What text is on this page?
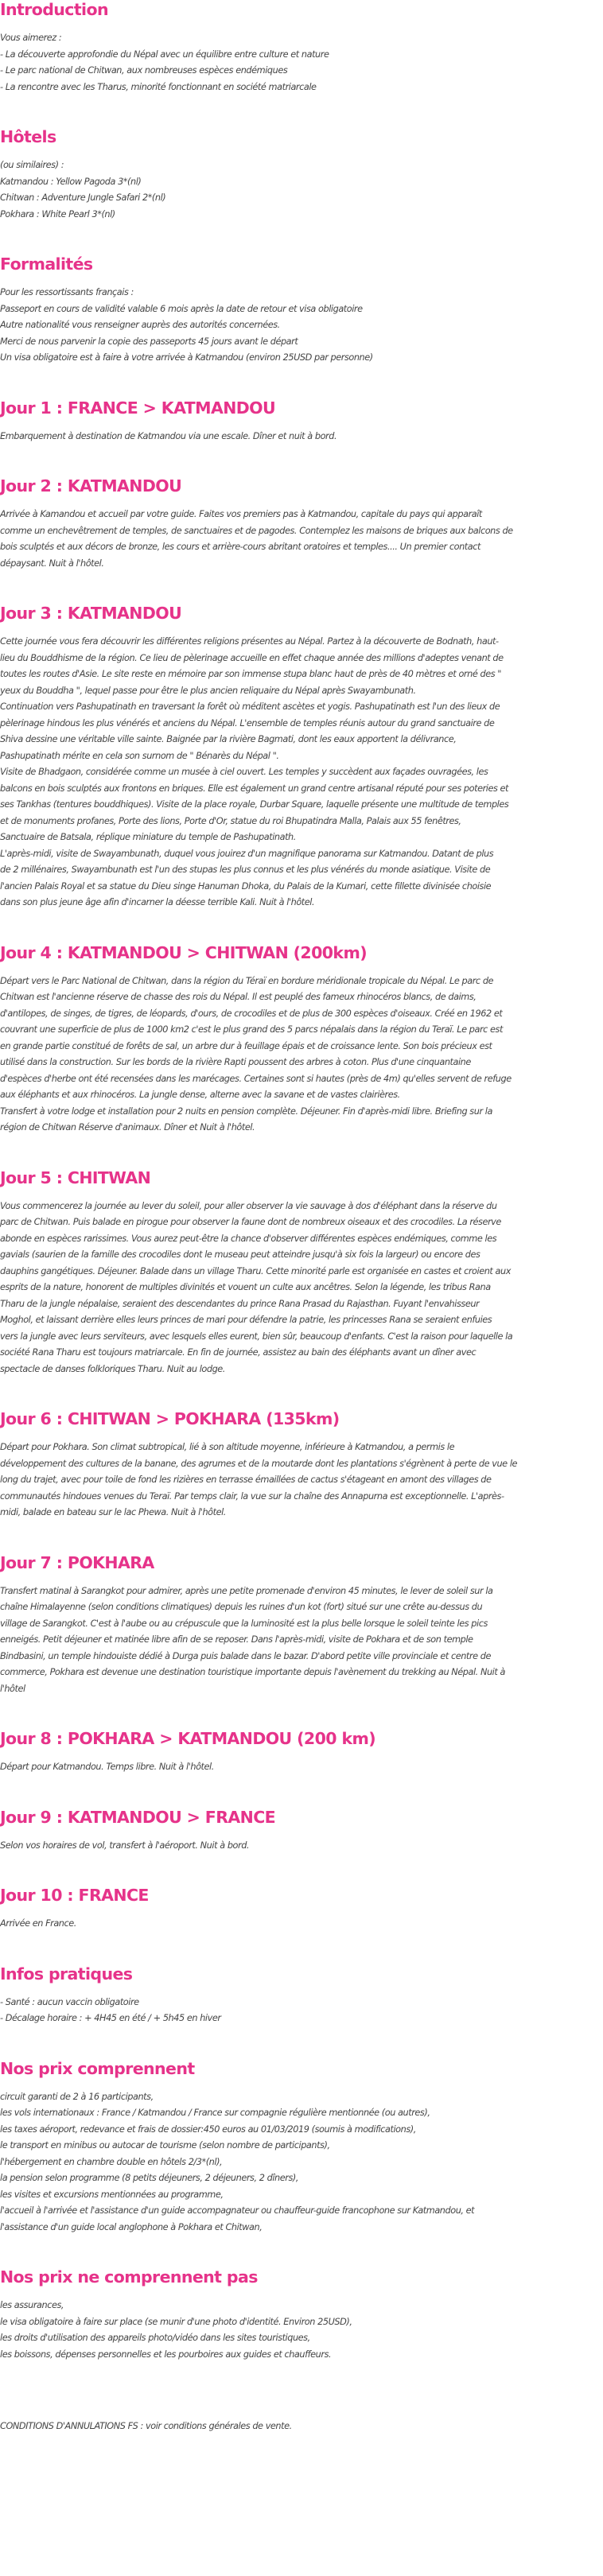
Introduction
Vous aimerez :
- La découverte approfondie du Népal avec un équilibre entre culture et nature
- Le parc national de Chitwan, aux nombreuses espèces endémiques
- La rencontre avec les Tharus, minorité fonctionnant en société matriarcale
Hôtels
(ou similaires) :
Katmandou : Yellow Pagoda 3*(nl)
Chitwan : Adventure Jungle Safari 2*(nl)
Pokhara : White Pearl 3*(nl)
Formalités
Pour les ressortissants français :
Passeport en cours de validité valable 6 mois après la date de retour et visa obligatoire
Autre nationalité vous renseigner auprès des autorités concernées.
Merci de nous parvenir la copie des passeports 45 jours avant le départ
Un visa obligatoire est à faire à votre arrivée à Katmandou (environ 25USD par personne)
Jour 1 : FRANCE > KATMANDOU
Embarquement à destination de Katmandou via une escale. Dîner et nuit à bord.
Jour 2 : KATMANDOU
Arrivée à Kamandou et accueil par votre guide. Faites vos premiers pas à Katmandou, capitale du pays qui apparaît
comme un enchevêtrement de temples, de sanctuaires et de pagodes. Contemplez les maisons de briques aux balcons de
bois sculptés et aux décors de bronze, les cours et arrière-cours abritant oratoires et temples.... Un premier contact
dépaysant. Nuit à l'hôtel.
Jour 3 : KATMANDOU
Cette journée vous fera découvrir les différentes religions présentes au Népal. Partez à la découverte de Bodnath, haut-
lieu du Bouddhisme de la région. Ce lieu de pèlerinage accueille en effet chaque année des millions d'adeptes venant de
toutes les routes d'Asie. Le site reste en mémoire par son immense stupa blanc haut de près de 40 mètres et orné des "
yeux du Bouddha ", lequel passe pour être le plus ancien reliquaire du Népal après Swayambunath.
Continuation vers Pashupatinath en traversant la forêt où méditent ascètes et yogis. Pashupatinath est l'un des lieux de
pèlerinage hindous les plus vénérés et anciens du Népal. L'ensemble de temples réunis autour du grand sanctuaire de
Shiva dessine une véritable ville sainte. Baignée par la rivière Bagmati, dont les eaux apportent la délivrance,
Pashupatinath mérite en cela son surnom de " Bénarès du Népal ".
Visite de Bhadgaon, considérée comme un musée à ciel ouvert. Les temples y succèdent aux façades ouvragées, les
balcons en bois sculptés aux frontons en briques. Elle est également un grand centre artisanal réputé pour ses poteries et
ses Tankhas (tentures bouddhiques). Visite de la place royale, Durbar Square, laquelle présente une multitude de temples
et de monuments profanes, Porte des lions, Porte d'Or, statue du roi Bhupatindra Malla, Palais aux 55 fenêtres,
Sanctuaire de Batsala, réplique miniature du temple de Pashupatinath.
L'après-midi, visite de Swayambunath, duquel vous jouirez d'un magnifique panorama sur Katmandou. Datant de plus
de 2 millénaires, Swayambunath est l'un des stupas les plus connus et les plus vénérés du monde asiatique. Visite de
l'ancien Palais Royal et sa statue du Dieu singe Hanuman Dhoka, du Palais de la Kumari, cette fillette divinisée choisie
dans son plus jeune âge afin d'incarner la déesse terrible Kali. Nuit à l'hôtel.
Jour 4 : KATMANDOU > CHITWAN (200km)
Départ vers le Parc National de Chitwan, dans la région du Téraï en bordure méridionale tropicale du Népal. Le parc de
Chitwan est l'ancienne réserve de chasse des rois du Népal. Il est peuplé des fameux rhinocéros blancs, de daims,
d'antilopes, de singes, de tigres, de léopards, d'ours, de crocodiles et de plus de 300 espèces d'oiseaux. Créé en 1962 et
couvrant une superficie de plus de 1000 km2 c'est le plus grand des 5 parcs népalais dans la région du Teraï. Le parc est
en grande partie constitué de forêts de sal, un arbre dur à feuillage épais et de croissance lente. Son bois précieux est
utilisé dans la construction. Sur les bords de la rivière Rapti poussent des arbres à coton. Plus d'une cinquantaine
d'espèces d'herbe ont été recensées dans les marécages. Certaines sont si hautes (près de 4m) qu'elles servent de refuge
aux éléphants et aux rhinocéros. La jungle dense, alterne avec la savane et de vastes clairières.
Transfert à votre lodge et installation pour 2 nuits en pension complète. Déjeuner. Fin d'après-midi libre. Briefing sur la
région de Chitwan Réserve d'animaux. Dîner et Nuit à l'hôtel.
Jour 5 : CHITWAN
Vous commencerez la journée au lever du soleil, pour aller observer la vie sauvage à dos d'éléphant dans la réserve du
parc de Chitwan. Puis balade en pirogue pour observer la faune dont de nombreux oiseaux et des crocodiles. La réserve
abonde en espèces rarissimes. Vous aurez peut-être la chance d'observer différentes espèces endémiques, comme les
gavials (saurien de la famille des crocodiles dont le museau peut atteindre jusqu'à six fois la largeur) ou encore des
dauphins gangétiques. Déjeuner. Balade dans un village Tharu. Cette minorité parle est organisée en castes et croient aux
esprits de la nature, honorent de multiples divinités et vouent un culte aux ancêtres. Selon la légende, les tribus Rana
Tharu de la jungle népalaise, seraient des descendantes du prince Rana Prasad du Rajasthan. Fuyant l'envahisseur
Moghol, et laissant derrière elles leurs princes de mari pour défendre la patrie, les princesses Rana se seraient enfuies
vers la jungle avec leurs serviteurs, avec lesquels elles eurent, bien sûr, beaucoup d'enfants. C'est la raison pour laquelle la
société Rana Tharu est toujours matriarcale. En fin de journée, assistez au bain des éléphants avant un dîner avec
spectacle de danses folkloriques Tharu. Nuit au lodge.
Jour 6 : CHITWAN > POKHARA (135km)
Départ pour Pokhara. Son climat subtropical, lié à son altitude moyenne, inférieure à Katmandou, a permis le
développement des cultures de la banane, des agrumes et de la moutarde dont les plantations s'égrènent à perte de vue le
long du trajet, avec pour toile de fond les rizières en terrasse émaillées de cactus s'étageant en amont des villages de
communautés hindoues venues du Teraï. Par temps clair, la vue sur la chaîne des Annapurna est exceptionnelle. L'après-
midi, balade en bateau sur le lac Phewa. Nuit à l'hôtel.
Jour 7 : POKHARA
Transfert matinal à Sarangkot pour admirer, après une petite promenade d'environ 45 minutes, le lever de soleil sur la
chaîne Himalayenne (selon conditions climatiques) depuis les ruines d'un kot (fort) situé sur une crête au-dessus du
village de Sarangkot. C'est à l'aube ou au crépuscule que la luminosité est la plus belle lorsque le soleil teinte les pics
enneigés. Petit déjeuner et matinée libre afin de se reposer. Dans l'après-midi, visite de Pokhara et de son temple
Bindbasini, un temple hindouiste dédié à Durga puis balade dans le bazar. D'abord petite ville provinciale et centre de
commerce, Pokhara est devenue une destination touristique importante depuis l'avènement du trekking au Népal. Nuit à
l'hôtel
Jour 8 : POKHARA > KATMANDOU (200 km)
Départ pour Katmandou. Temps libre. Nuit à l'hôtel.
Jour 9 : KATMANDOU > FRANCE
Selon vos horaires de vol, transfert à l'aéroport. Nuit à bord.
Jour 10 : FRANCE
Arrivée en France.
Infos pratiques
- Santé : aucun vaccin obligatoire
- Décalage horaire : + 4H45 en été / + 5h45 en hiver
Nos prix comprennent
circuit garanti de 2 à 16 participants,
les vols internationaux : France / Katmandou / France sur compagnie régulière mentionnée (ou autres),
les taxes aéroport, redevance et frais de dossier:450 euros au 01/03/2019 (soumis à modifications),
le transport en minibus ou autocar de tourisme (selon nombre de participants),
l'hébergement en chambre double en hôtels 2/3*(nl),
la pension selon programme (8 petits déjeuners, 2 déjeuners, 2 dîners),
les visites et excursions mentionnées au programme,
l'accueil à l'arrivée et l'assistance d'un guide accompagnateur ou chauffeur-guide francophone sur Katmandou, et
l'assistance d'un guide local anglophone à Pokhara et Chitwan,
Nos prix ne comprennent pas
les assurances,
le visa obligatoire à faire sur place (se munir d'une photo d'identité. Environ 25USD),
les droits d'utilisation des appareils photo/vidéo dans les sites touristiques,
les boissons, dépenses personnelles et les pourboires aux guides et chauffeurs.
CONDITIONS D'ANNULATIONS FS : voir conditions générales de vente.
